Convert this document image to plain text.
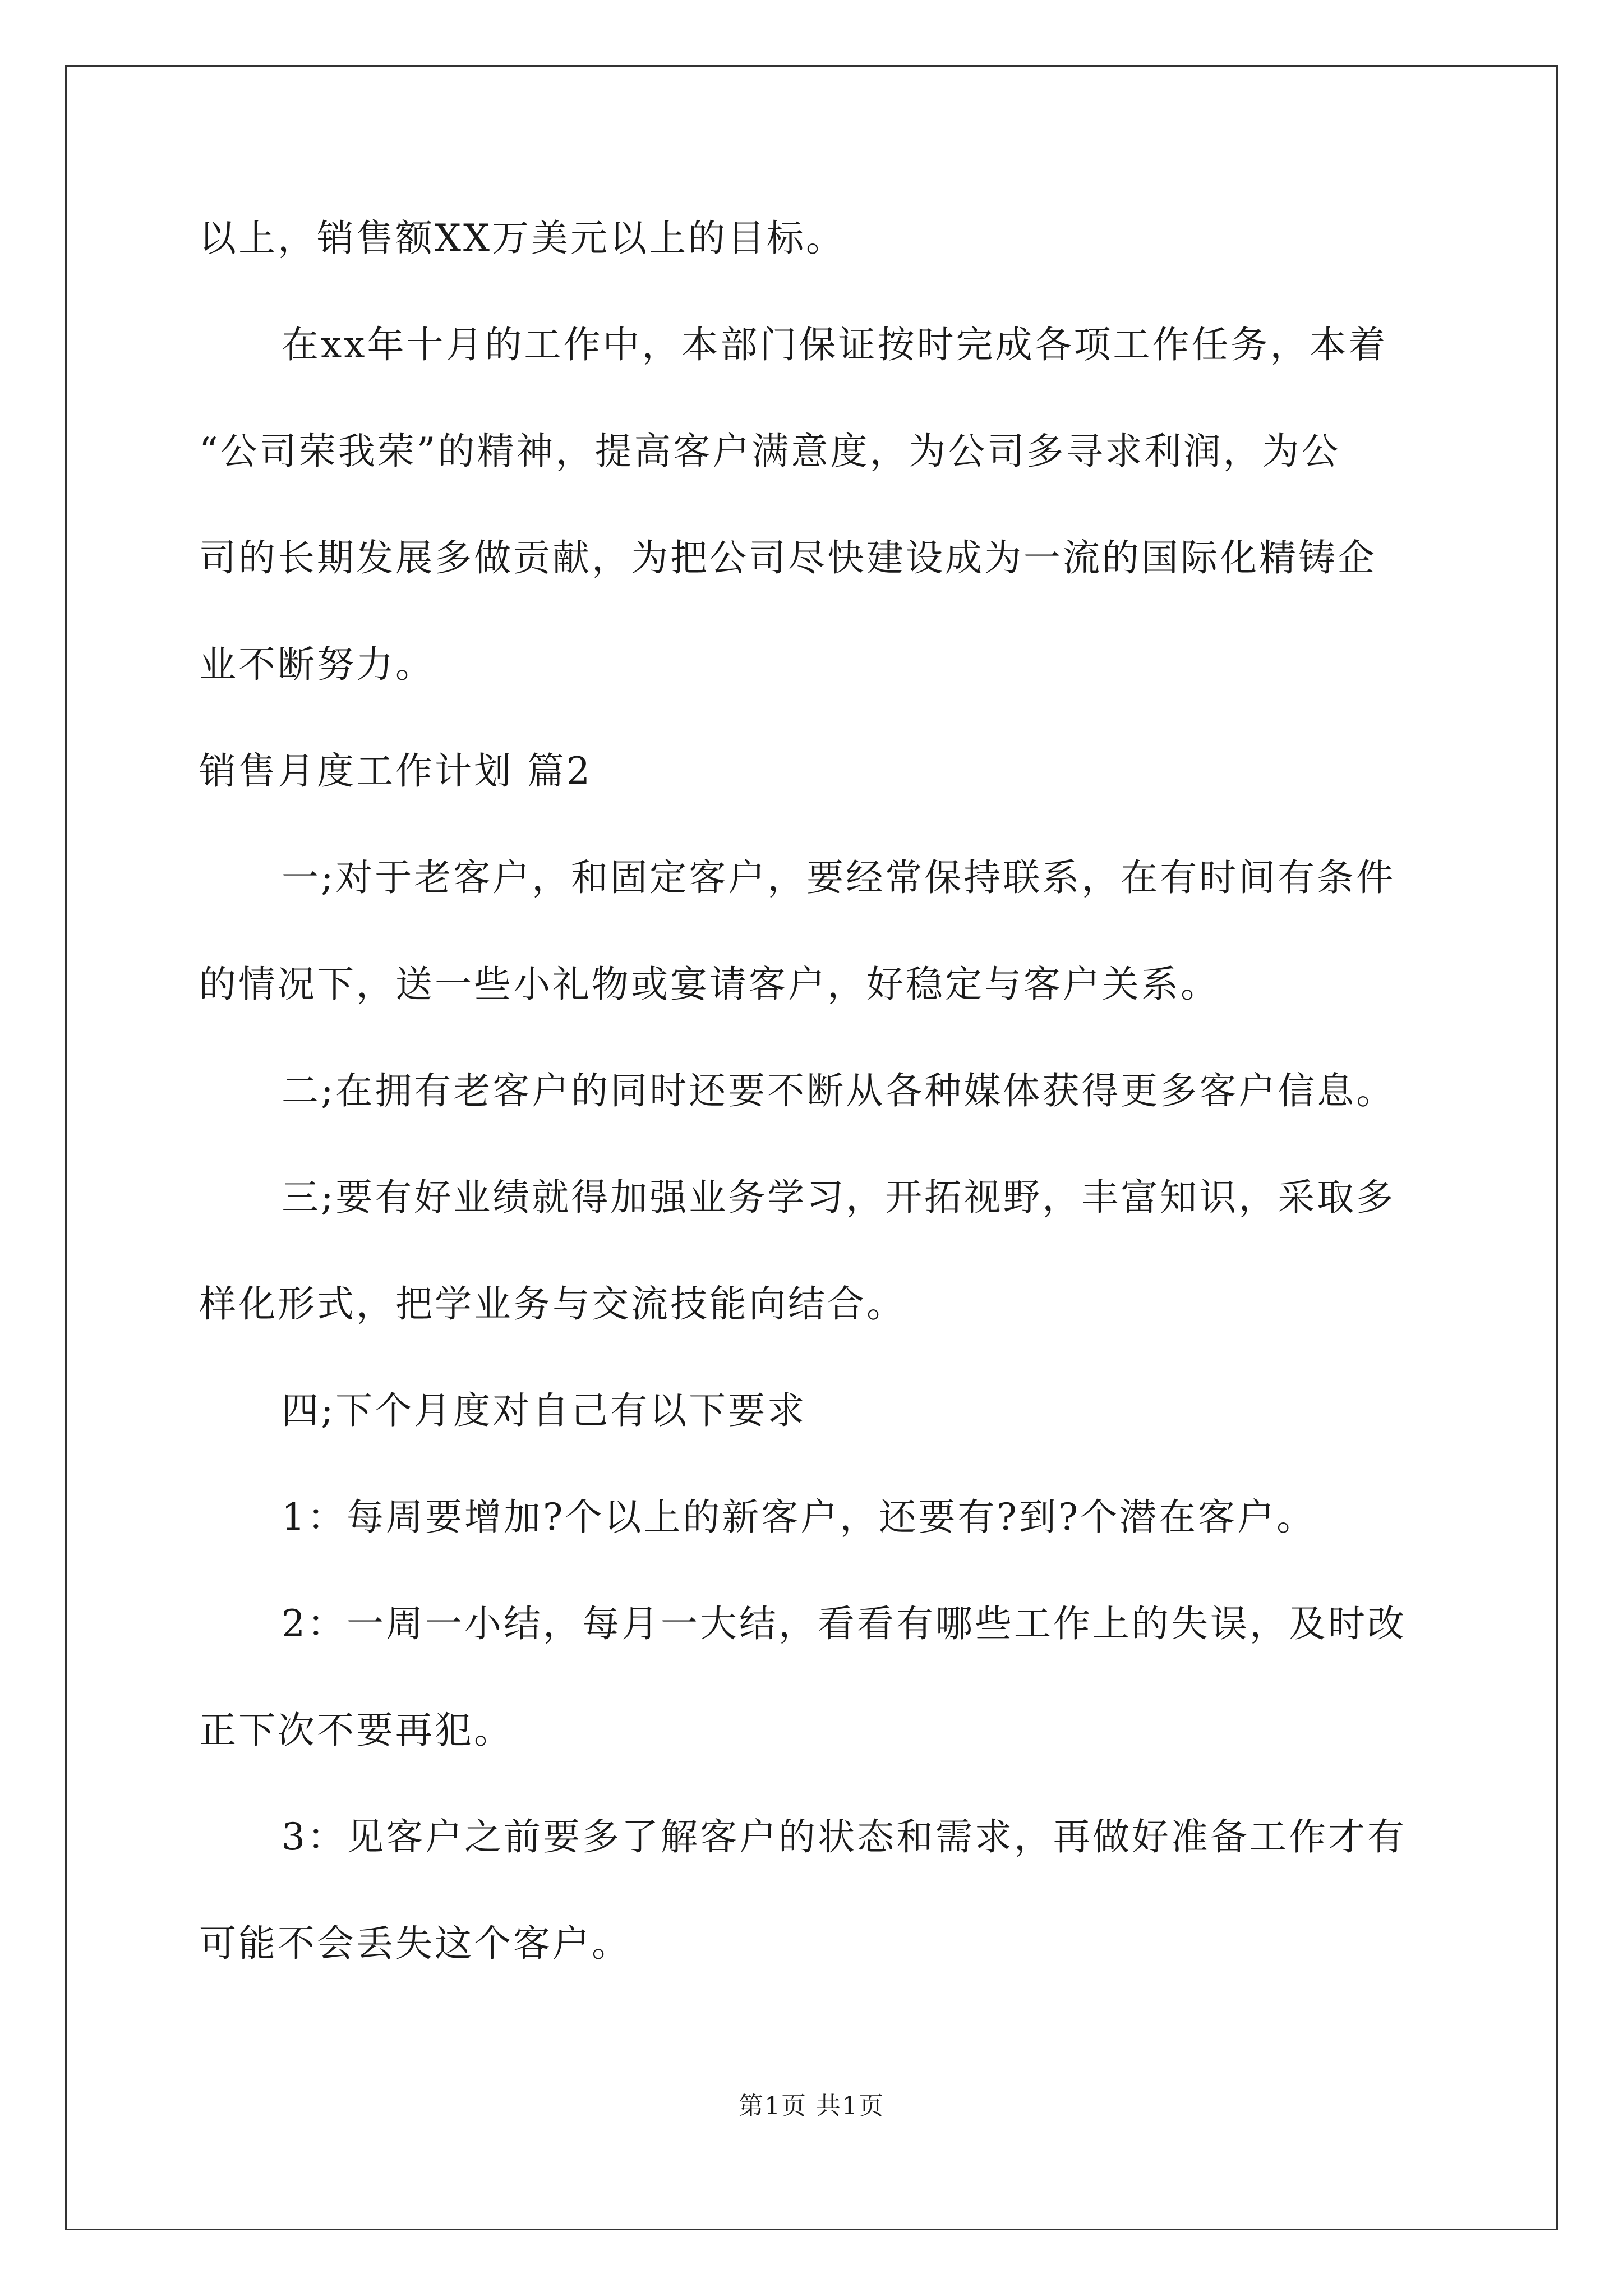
以上，销售额XX万美元以上的目标。
在xx年十月的工作中，本部门保证按时完成各项工作任务，本着
“公司荣我荣”的精神，提高客户满意度，为公司多寻求利润，为公
司的长期发展多做贡献，为把公司尽快建设成为一流的国际化精铸企
业不断努力。
销售月度工作计划 篇2
一;对于老客户，和固定客户，要经常保持联系，在有时间有条件
的情况下，送一些小礼物或宴请客户，好稳定与客户关系。
二;在拥有老客户的同时还要不断从各种媒体获得更多客户信息。
三;要有好业绩就得加强业务学习，开拓视野，丰富知识，采取多
样化形式，把学业务与交流技能向结合。
四;下个月度对自己有以下要求
1：每周要增加?个以上的新客户，还要有?到?个潜在客户。
2：一周一小结，每月一大结，看看有哪些工作上的失误，及时改
正下次不要再犯。
3：见客户之前要多了解客户的状态和需求，再做好准备工作才有
可能不会丢失这个客户。
第1页 共1页
